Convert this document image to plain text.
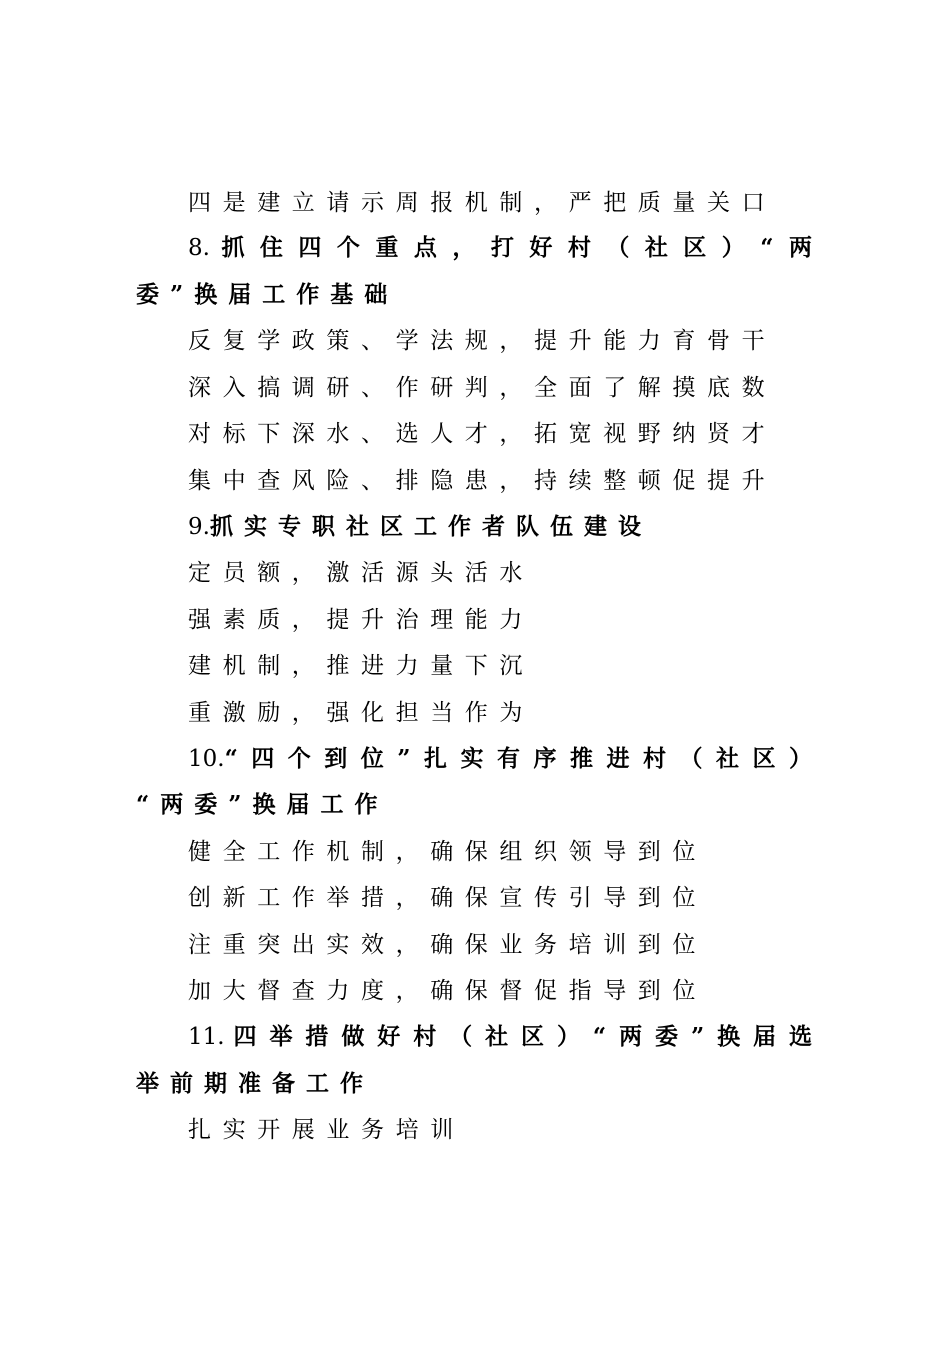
四是建立请示周报机制，严把质量关口
8.抓住四个重点，打好村（社区）“两
委”换届工作基础
反复学政策、学法规，提升能力育骨干
深入搞调研、作研判，全面了解摸底数
对标下深水、选人才，拓宽视野纳贤才
集中查风险、排隐患，持续整顿促提升
9.抓实专职社区工作者队伍建设
定员额，激活源头活水
强素质，提升治理能力
建机制，推进力量下沉
重激励，强化担当作为
10.“四个到位”扎实有序推进村（社区）
“两委”换届工作
健全工作机制，确保组织领导到位
创新工作举措，确保宣传引导到位
注重突出实效，确保业务培训到位
加大督查力度，确保督促指导到位
11.四举措做好村（社区）“两委”换届选
举前期准备工作
扎实开展业务培训
